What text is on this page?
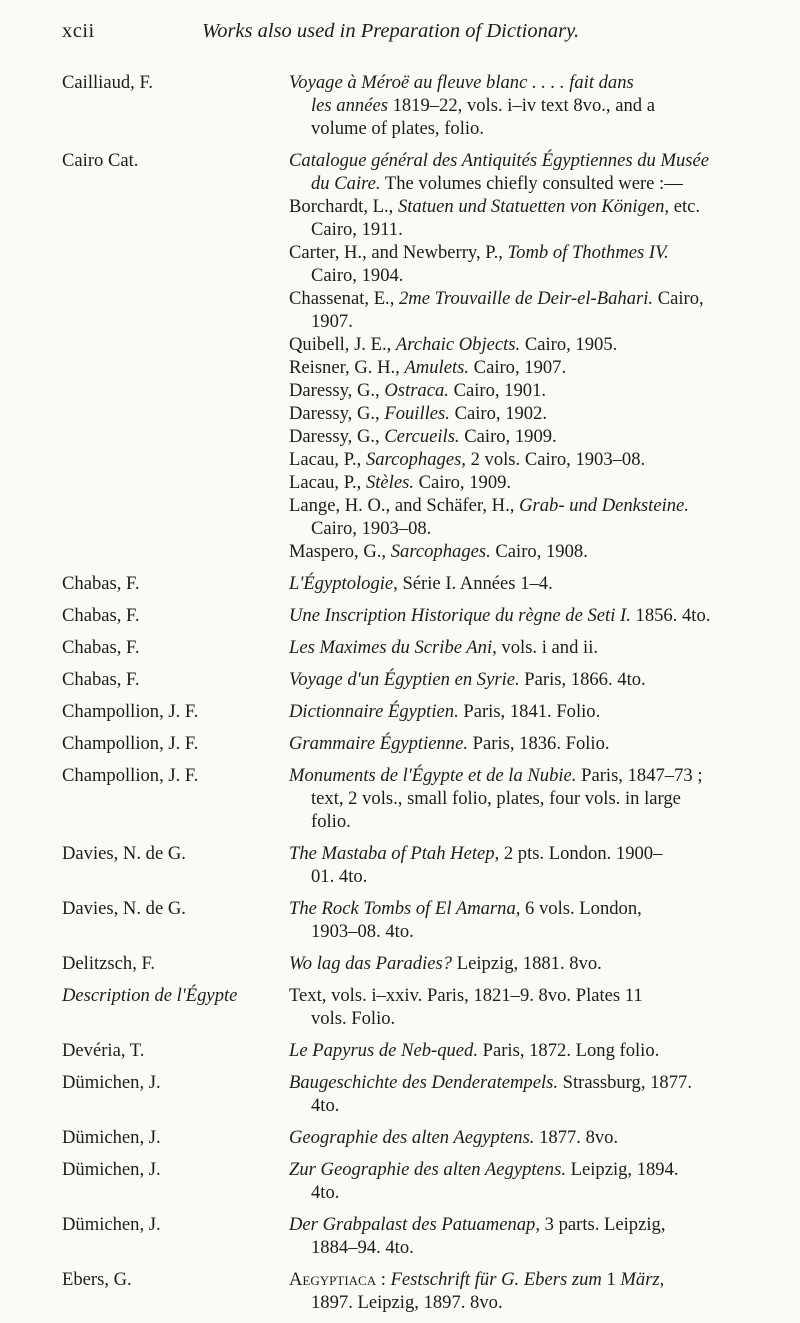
xcii	Works also used in Preparation of Dictionary.
Cailliaud, F.	Voyage à Méroë au fleuve blanc . . . . fait dans
les années 1819–22, vols. i–iv text 8vo., and a
volume of plates, folio.
Cairo Cat.	Catalogue général des Antiquités Égyptiennes du Musée
du Caire. The volumes chiefly consulted were :—
Borchardt, L., Statuen und Statuetten von Königen, etc.
Cairo, 1911.
Carter, H., and Newberry, P., Tomb of Thothmes IV.
Cairo, 1904.
Chassenat, E., 2me Trouvaille de Deir-el-Bahari. Cairo,
1907.
Quibell, J. E., Archaic Objects. Cairo, 1905.
Reisner, G. H., Amulets. Cairo, 1907.
Daressy, G., Ostraca. Cairo, 1901.
Daressy, G., Fouilles. Cairo, 1902.
Daressy, G., Cercueils. Cairo, 1909.
Lacau, P., Sarcophages, 2 vols. Cairo, 1903–08.
Lacau, P., Stèles. Cairo, 1909.
Lange, H. O., and Schäfer, H., Grab- und Denksteine.
Cairo, 1903–08.
Maspero, G., Sarcophages. Cairo, 1908.
Chabas, F.	L'Égyptologie, Série I. Années 1–4.
Chabas, F.	Une Inscription Historique du règne de Seti I. 1856. 4to.
Chabas, F.	Les Maximes du Scribe Ani, vols. i and ii.
Chabas, F.	Voyage d'un Égyptien en Syrie. Paris, 1866. 4to.
Champollion, J. F.	Dictionnaire Égyptien. Paris, 1841. Folio.
Champollion, J. F.	Grammaire Égyptienne. Paris, 1836. Folio.
Champollion, J. F.	Monuments de l'Égypte et de la Nubie. Paris, 1847–73 ;
text, 2 vols., small folio, plates, four vols. in large
folio.
Davies, N. de G.	The Mastaba of Ptah Hetep, 2 pts. London. 1900–
01. 4to.
Davies, N. de G.	The Rock Tombs of El Amarna, 6 vols. London,
1903–08. 4to.
Delitzsch, F.	Wo lag das Paradies? Leipzig, 1881. 8vo.
Description de l'Égypte	Text, vols. i–xxiv. Paris, 1821–9. 8vo. Plates 11
vols. Folio.
Devéria, T.	Le Papyrus de Neb-qued. Paris, 1872. Long folio.
Dümichen, J.	Baugeschichte des Denderatempels. Strassburg, 1877.
4to.
Dümichen, J.	Geographie des alten Aegyptens. 1877. 8vo.
Dümichen, J.	Zur Geographie des alten Aegyptens. Leipzig, 1894.
4to.
Dümichen, J.	Der Grabpalast des Patuamenap, 3 parts. Leipzig,
1884–94. 4to.
Ebers, G.	Aegyptiaca : Festschrift für G. Ebers zum 1 März,
1897. Leipzig, 1897. 8vo.
